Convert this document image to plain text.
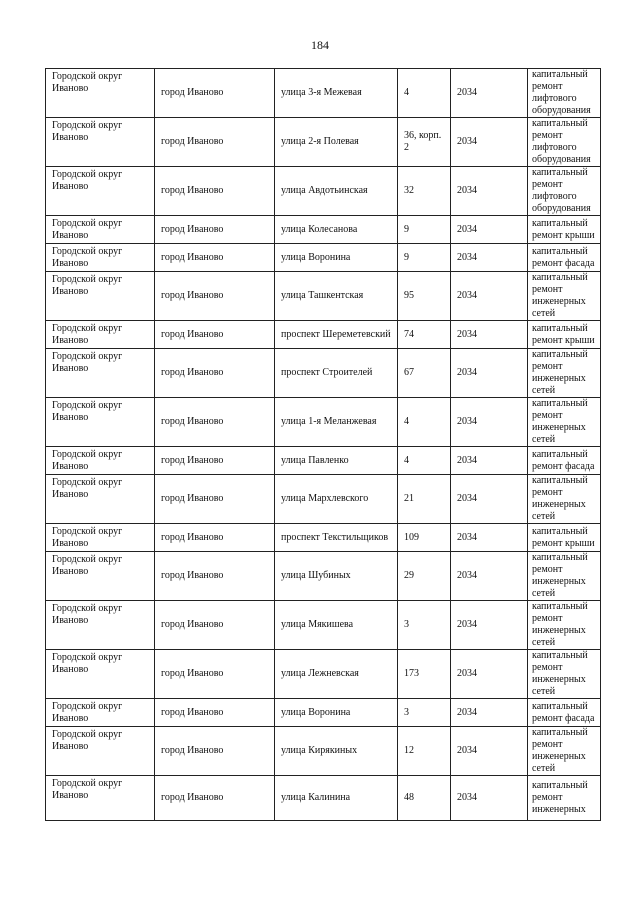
184
Городской округ Иваново	город Иваново	улица 3-я Межевая	4	2034	капитальный ремонт лифтового оборудования
Городской округ Иваново	город Иваново	улица 2-я Полевая	36, корп. 2	2034	капитальный ремонт лифтового оборудования
Городской округ Иваново	город Иваново	улица Авдотьинская	32	2034	капитальный ремонт лифтового оборудования
Городской округ Иваново	город Иваново	улица Колесанова	9	2034	капитальный ремонт крыши
Городской округ Иваново	город Иваново	улица Воронина	9	2034	капитальный ремонт фасада
Городской округ Иваново	город Иваново	улица Ташкентская	95	2034	капитальный ремонт инженерных сетей
Городской округ Иваново	город Иваново	проспект Шереметевский	74	2034	капитальный ремонт крыши
Городской округ Иваново	город Иваново	проспект Строителей	67	2034	капитальный ремонт инженерных сетей
Городской округ Иваново	город Иваново	улица 1-я Меланжевая	4	2034	капитальный ремонт инженерных сетей
Городской округ Иваново	город Иваново	улица Павленко	4	2034	капитальный ремонт фасада
Городской округ Иваново	город Иваново	улица Мархлевского	21	2034	капитальный ремонт инженерных сетей
Городской округ Иваново	город Иваново	проспект Текстильщиков	109	2034	капитальный ремонт крыши
Городской округ Иваново	город Иваново	улица Шубиных	29	2034	капитальный ремонт инженерных сетей
Городской округ Иваново	город Иваново	улица Мякишева	3	2034	капитальный ремонт инженерных сетей
Городской округ Иваново	город Иваново	улица Лежневская	173	2034	капитальный ремонт инженерных сетей
Городской округ Иваново	город Иваново	улица Воронина	3	2034	капитальный ремонт фасада
Городской округ Иваново	город Иваново	улица Кирякиных	12	2034	капитальный ремонт инженерных сетей
Городской округ Иваново	город Иваново	улица Калинина	48	2034	капитальный ремонт инженерных
